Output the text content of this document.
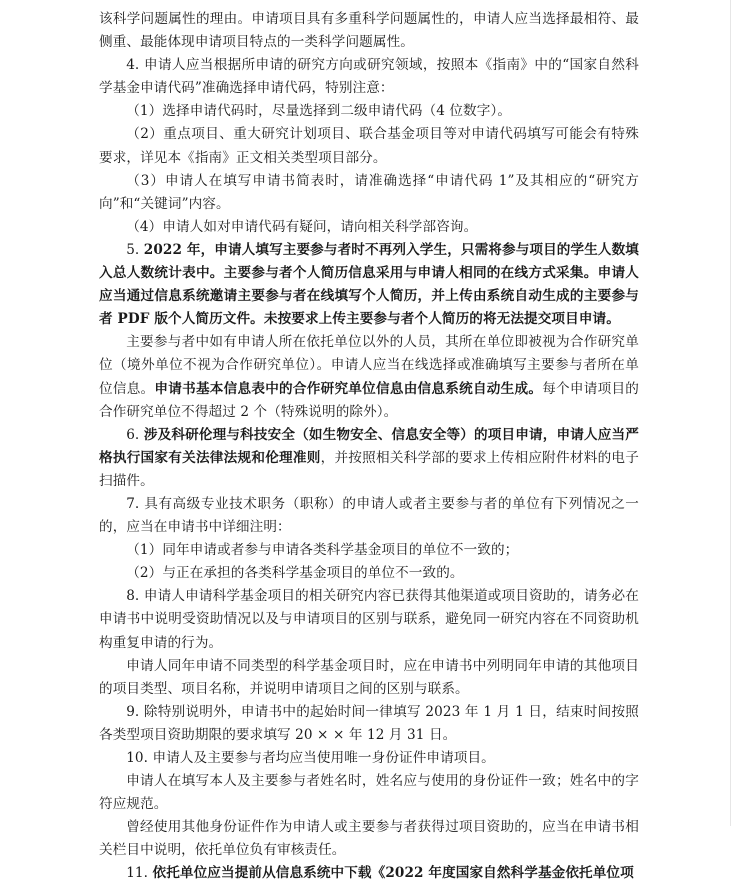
该科学问题属性的理由。申请项目具有多重科学问题属性的，申请人应当选择最相符、最侧重、最能体现申请项目特点的一类科学问题属性。

4. 申请人应当根据所申请的研究方向或研究领域，按照本《指南》中的“国家自然科学基金申请代码”准确选择申请代码，特别注意：

（1）选择申请代码时，尽量选择到二级申请代码（4 位数字）。

（2）重点项目、重大研究计划项目、联合基金项目等对申请代码填写可能会有特殊要求，详见本《指南》正文相关类型项目部分。

（3）申请人在填写申请书简表时，请准确选择“申请代码 1”及其相应的“研究方向”和“关键词”内容。

（4）申请人如对申请代码有疑问，请向相关科学部咨询。

5. 2022 年，申请人填写主要参与者时不再列入学生，只需将参与项目的学生人数填入总人数统计表中。主要参与者个人简历信息采用与申请人相同的在线方式采集。申请人应当通过信息系统邀请主要参与者在线填写个人简历，并上传由系统自动生成的主要参与者 PDF 版个人简历文件。未按要求上传主要参与者个人简历的将无法提交项目申请。

主要参与者中如有申请人所在依托单位以外的人员，其所在单位即被视为合作研究单位（境外单位不视为合作研究单位）。申请人应当在线选择或准确填写主要参与者所在单位信息。申请书基本信息表中的合作研究单位信息由信息系统自动生成。每个申请项目的合作研究单位不得超过 2 个（特殊说明的除外）。

6. 涉及科研伦理与科技安全（如生物安全、信息安全等）的项目申请，申请人应当严格执行国家有关法律法规和伦理准则，并按照相关科学部的要求上传相应附件材料的电子扫描件。

7. 具有高级专业技术职务（职称）的申请人或者主要参与者的单位有下列情况之一的，应当在申请书中详细注明：

（1）同年申请或者参与申请各类科学基金项目的单位不一致的；

（2）与正在承担的各类科学基金项目的单位不一致的。

8. 申请人申请科学基金项目的相关研究内容已获得其他渠道或项目资助的，请务必在申请书中说明受资助情况以及与申请项目的区别与联系，避免同一研究内容在不同资助机构重复申请的行为。

申请人同年申请不同类型的科学基金项目时，应在申请书中列明同年申请的其他项目的项目类型、项目名称，并说明申请项目之间的区别与联系。

9. 除特别说明外，申请书中的起始时间一律填写 2023 年 1 月 1 日，结束时间按照各类型项目资助期限的要求填写 20 × × 年 12 月 31 日。

10. 申请人及主要参与者均应当使用唯一身份证件申请项目。

申请人在填写本人及主要参与者姓名时，姓名应与使用的身份证件一致；姓名中的字符应规范。

曾经使用其他身份证件作为申请人或主要参与者获得过项目资助的，应当在申请书相关栏目中说明，依托单位负有审核责任。

11. 依托单位应当提前从信息系统中下载《2022 年度国家自然科学基金依托单位项
